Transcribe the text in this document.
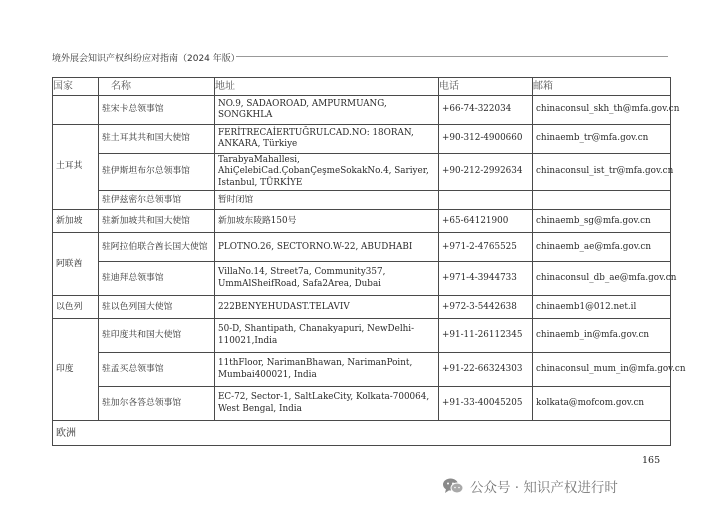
境外展会知识产权纠纷应对指南（2024 年版）
国家	名称	地址	电话	邮箱
	驻宋卡总领事馆	NO.9, SADAOROAD, AMPURMUANG, SONGKHLA	+66-74-322034	chinaconsul_skh_th@mfa.gov.cn
土耳其	驻土耳其共和国大使馆	FERİTRECAİERTUĞRULCAD.NO: 18ORAN, ANKARA, Türkiye	+90-312-4900660	chinaemb_tr@mfa.gov.cn
	驻伊斯坦布尔总领事馆	TarabyaMahallesi, AhiÇelebiCad.ÇobanÇeşmeSokakNo.4, Sariyer, Istanbul, TÜRKİYE	+90-212-2992634	chinaconsul_ist_tr@mfa.gov.cn
	驻伊兹密尔总领事馆	暂时闭馆		
新加坡	驻新加坡共和国大使馆	新加坡东陵路150号	+65-64121900	chinaemb_sg@mfa.gov.cn
阿联酋	驻阿拉伯联合酋长国大使馆	PLOTNO.26, SECTORNO.W-22, ABUDHABI	+971-2-4765525	chinaemb_ae@mfa.gov.cn
	驻迪拜总领事馆	VillaNo.14, Street7a, Community357, UmmAlSheifRoad, Safa2Area, Dubai	+971-4-3944733	chinaconsul_db_ae@mfa.gov.cn
以色列	驻以色列国大使馆	222BENYEHUDAST.TELAVIV	+972-3-5442638	chinaemb1@012.net.il
印度	驻印度共和国大使馆	50-D, Shantipath, Chanakyapuri, NewDelhi-110021,India	+91-11-26112345	chinaemb_in@mfa.gov.cn
	驻孟买总领事馆	11thFloor, NarimanBhawan, NarimanPoint, Mumbai400021, India	+91-22-66324303	chinaconsul_mum_in@mfa.gov.cn
	驻加尔各答总领事馆	EC-72, Sector-1, SaltLakeCity, Kolkata-700064, West Bengal, India	+91-33-40045205	kolkata@mofcom.gov.cn
欧洲				
165
公众号 · 知识产权进行时
